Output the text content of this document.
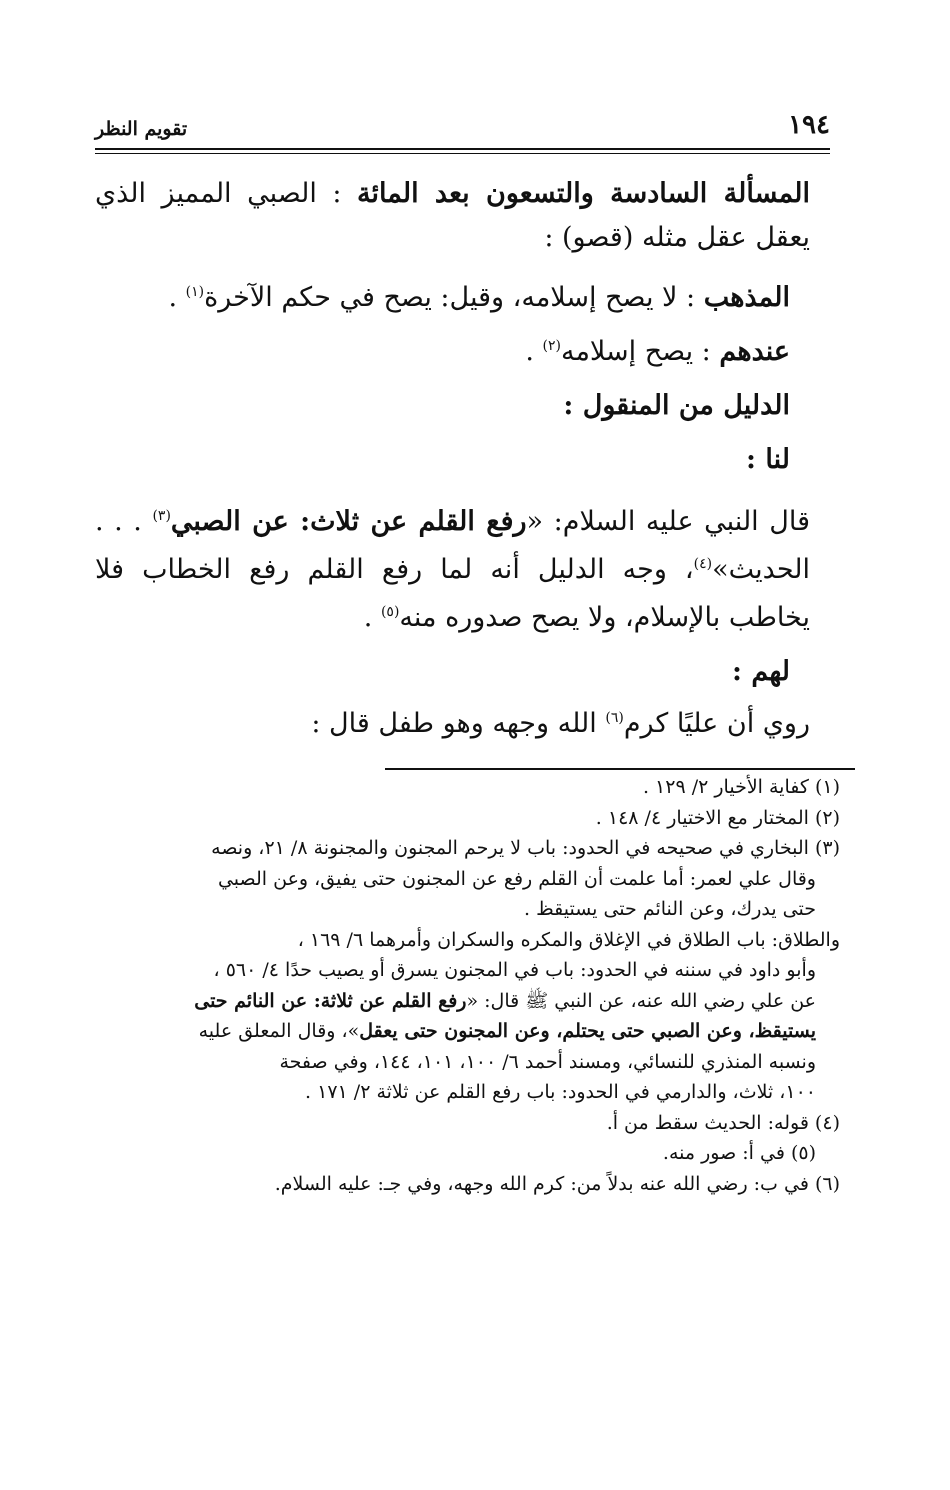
١٩٤
تقويم النظر

المسألة السادسة والتسعون بعد المائة : الصبي المميز الذي يعقل عقل مثله (قصو) :

المذهب : لا يصح إسلامه، وقيل: يصح في حكم الآخرة$^{(١)}$ .

عندهم : يصح إسلامه$^{(٢)}$ .

الدليل من المنقول :

لنا :

قال النبي عليه السلام: «رفع القلم عن ثلاث: عن الصبي$^{(٣)}$ . . . الحديث»$^{(٤)}$، وجه الدليل أنه لما رفع القلم رفع الخطاب فلا يخاطب بالإسلام، ولا يصح صدوره منه$^{(٥)}$ .

لهم :

روي أن عليًا كرم$^{(٦)}$ الله وجهه وهو طفل قال :

(١) كفاية الأخيار ٢/ ١٢٩ .

(٢) المختار مع الاختيار ٤/ ١٤٨ .

(٣) البخاري في صحيحه في الحدود: باب لا يرحم المجنون والمجنونة ٨/ ٢١، ونصه

وقال علي لعمر: أما علمت أن القلم رفع عن المجنون حتى يفيق، وعن الصبي

حتى يدرك، وعن النائم حتى يستيقظ .

والطلاق: باب الطلاق في الإغلاق والمكره والسكران وأمرهما ٦/ ١٦٩ ،

وأبو داود في سننه في الحدود: باب في المجنون يسرق أو يصيب حدًا ٤/ ٥٦٠ ،

عن علي رضي الله عنه، عن النبي ﷺ قال: «رفع القلم عن ثلاثة: عن النائم حتى

يستيقظ، وعن الصبي حتى يحتلم، وعن المجنون حتى يعقل»، وقال المعلق عليه

ونسبه المنذري للنسائي، ومسند أحمد ٦/ ١٠٠، ١٠١، ١٤٤، وفي صفحة

١٠٠، ثلاث، والدارمي في الحدود: باب رفع القلم عن ثلاثة ٢/ ١٧١ .

(٤) قوله: الحديث سقط من أ.

(٥) في أ: صور منه.

(٦) في ب: رضي الله عنه بدلاً من: كرم الله وجهه، وفي جـ: عليه السلام.
